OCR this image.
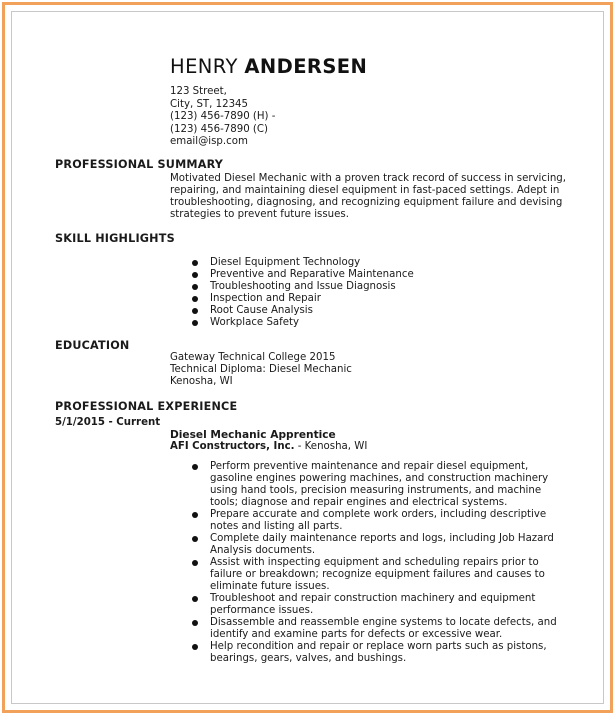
HENRY ANDERSEN
123 Street,
City, ST, 12345
(123) 456-7890 (H) -
(123) 456-7890 (C)
email@isp.com
PROFESSIONAL SUMMARY
Motivated Diesel Mechanic with a proven track record of success in servicing, repairing, and maintaining diesel equipment in fast-paced settings. Adept in troubleshooting, diagnosing, and recognizing equipment failure and devising strategies to prevent future issues.
SKILL HIGHLIGHTS
Diesel Equipment Technology
Preventive and Reparative Maintenance
Troubleshooting and Issue Diagnosis
Inspection and Repair
Root Cause Analysis
Workplace Safety
EDUCATION
Gateway Technical College 2015
Technical Diploma: Diesel Mechanic
Kenosha, WI
PROFESSIONAL EXPERIENCE
5/1/2015 - Current
Diesel Mechanic Apprentice
AFI Constructors, Inc. - Kenosha, WI
Perform preventive maintenance and repair diesel equipment, gasoline engines powering machines, and construction machinery using hand tools, precision measuring instruments, and machine tools; diagnose and repair engines and electrical systems.
Prepare accurate and complete work orders, including descriptive notes and listing all parts.
Complete daily maintenance reports and logs, including Job Hazard Analysis documents.
Assist with inspecting equipment and scheduling repairs prior to failure or breakdown; recognize equipment failures and causes to eliminate future issues.
Troubleshoot and repair construction machinery and equipment performance issues.
Disassemble and reassemble engine systems to locate defects, and identify and examine parts for defects or excessive wear.
Help recondition and repair or replace worn parts such as pistons, bearings, gears, valves, and bushings.
